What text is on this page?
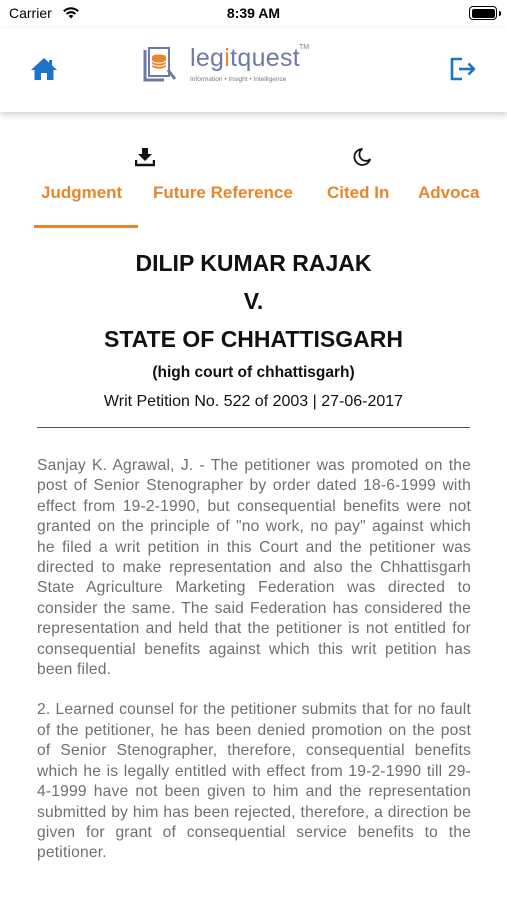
Carrier	8:39 AM
legitquest
TM
Information • Insight • Intelligence
Judgment Future Reference Cited In Advoca
DILIP KUMAR RAJAK
V.
STATE OF CHHATTISGARH
(high court of chhattisgarh)
Writ Petition No. 522 of 2003 | 27-06-2017

Sanjay K. Agrawal, J. - The petitioner was promoted on the post of Senior Stenographer by order dated 18-6-1999 with effect from 19-2-1990, but consequential benefits were not granted on the principle of "no work, no pay" against which he filed a writ petition in this Court and the petitioner was directed to make representation and also the Chhattisgarh State Agriculture Marketing Federation was directed to consider the same. The said Federation has considered the representation and held that the petitioner is not entitled for consequential benefits against which this writ petition has been filed.

2. Learned counsel for the petitioner submits that for no fault of the petitioner, he has been denied promotion on the post of Senior Stenographer, therefore, consequential benefits which he is legally entitled with effect from 19-2-1990 till 29-4-1999 have not been given to him and the representation submitted by him has been rejected, therefore, a direction be given for grant of consequential service benefits to the petitioner.
